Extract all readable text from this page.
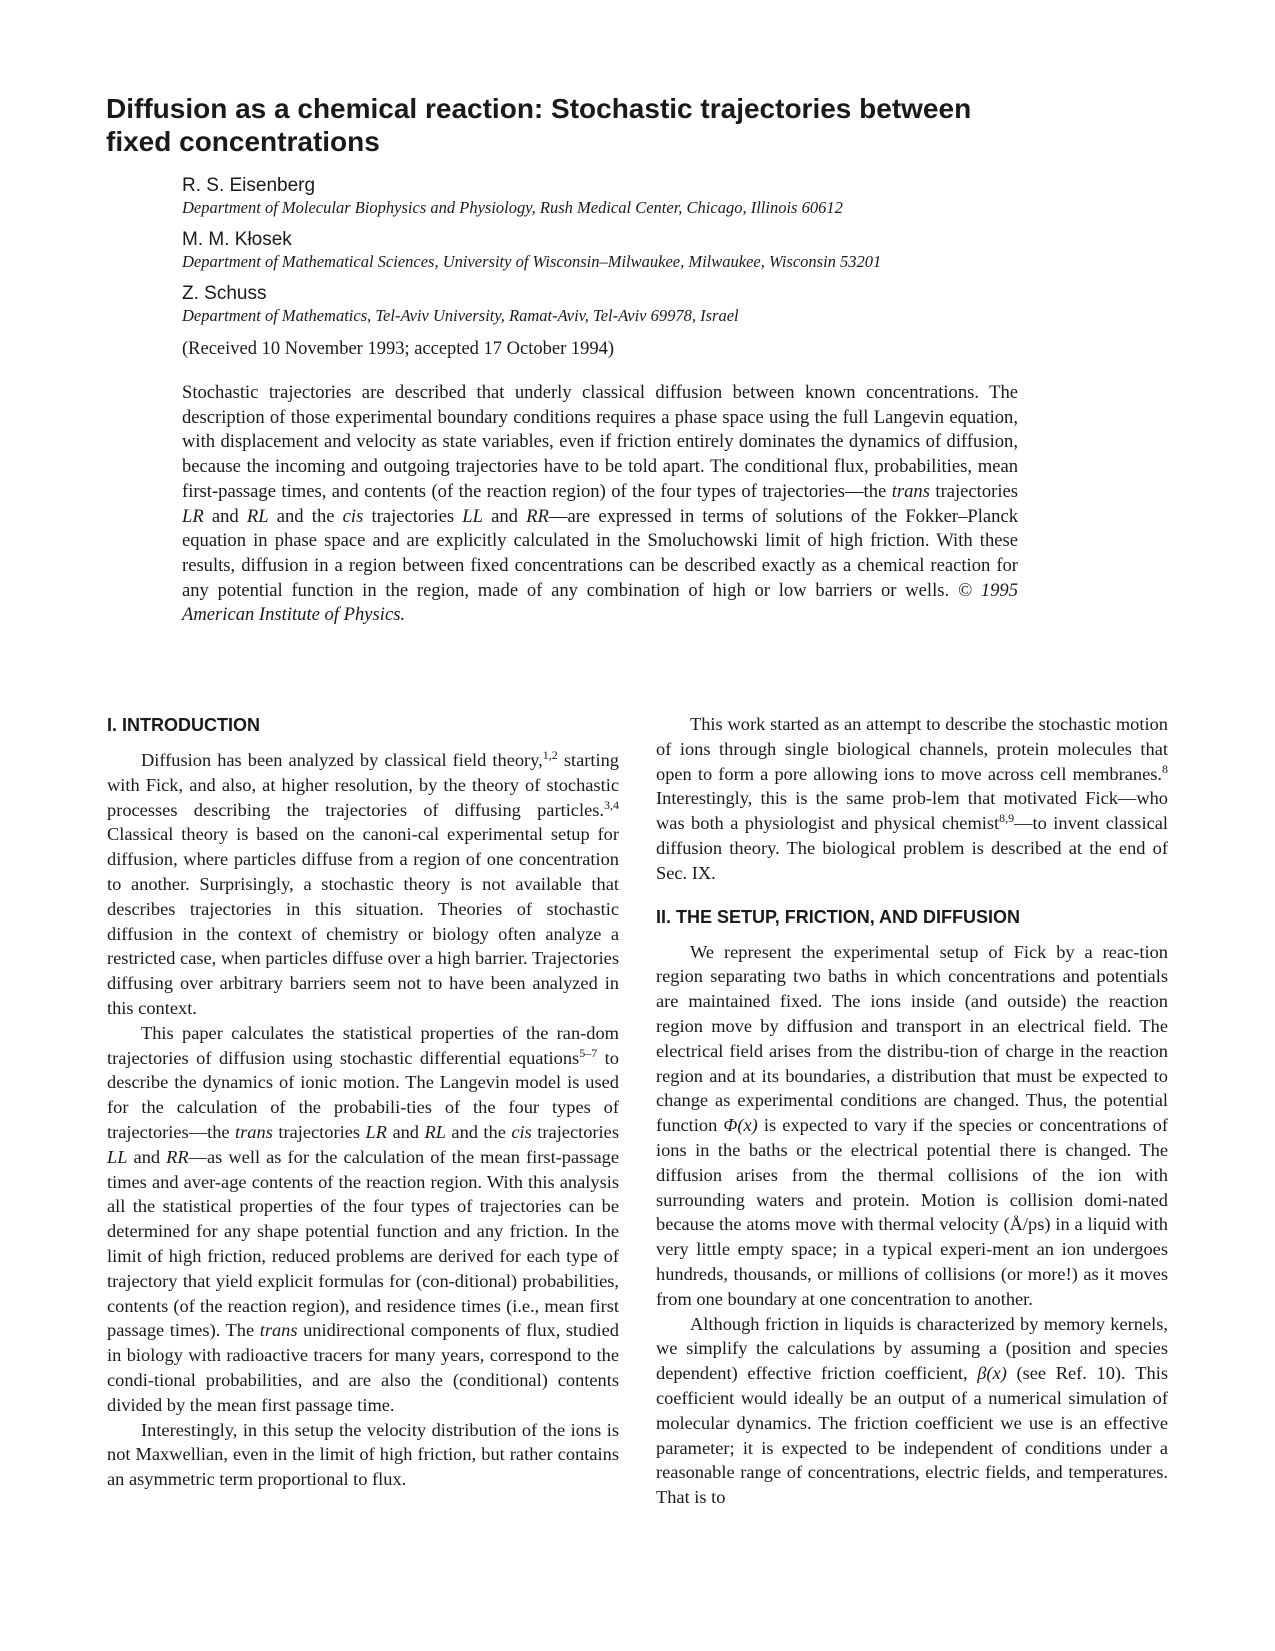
Diffusion as a chemical reaction: Stochastic trajectories between fixed concentrations

R. S. Eisenberg

Department of Molecular Biophysics and Physiology, Rush Medical Center, Chicago, Illinois 60612

M. M. Kłosek

Department of Mathematical Sciences, University of Wisconsin–Milwaukee, Milwaukee, Wisconsin 53201

Z. Schuss

Department of Mathematics, Tel-Aviv University, Ramat-Aviv, Tel-Aviv 69978, Israel

(Received 10 November 1993; accepted 17 October 1994)

Stochastic trajectories are described that underly classical diffusion between known concentrations. The description of those experimental boundary conditions requires a phase space using the full Langevin equation, with displacement and velocity as state variables, even if friction entirely dominates the dynamics of diffusion, because the incoming and outgoing trajectories have to be told apart. The conditional flux, probabilities, mean first-passage times, and contents (of the reaction region) of the four types of trajectories—the trans trajectories LR and RL and the cis trajectories LL and RR—are expressed in terms of solutions of the Fokker–Planck equation in phase space and are explicitly calculated in the Smoluchowski limit of high friction. With these results, diffusion in a region between fixed concentrations can be described exactly as a chemical reaction for any potential function in the region, made of any combination of high or low barriers or wells. © 1995 American Institute of Physics.

I. INTRODUCTION

Diffusion has been analyzed by classical field theory,$^{1,2}$ starting with Fick, and also, at higher resolution, by the theory of stochastic processes describing the trajectories of diffusing particles.$^{3,4}$ Classical theory is based on the canoni-cal experimental setup for diffusion, where particles diffuse from a region of one concentration to another. Surprisingly, a stochastic theory is not available that describes trajectories in this situation. Theories of stochastic diffusion in the context of chemistry or biology often analyze a restricted case, when particles diffuse over a high barrier. Trajectories diffusing over arbitrary barriers seem not to have been analyzed in this context.

This paper calculates the statistical properties of the ran-dom trajectories of diffusion using stochastic differential equations$^{5-7}$ to describe the dynamics of ionic motion. The Langevin model is used for the calculation of the probabili-ties of the four types of trajectories—the trans trajectories LR and RL and the cis trajectories LL and RR—as well as for the calculation of the mean first-passage times and aver-age contents of the reaction region. With this analysis all the statistical properties of the four types of trajectories can be determined for any shape potential function and any friction. In the limit of high friction, reduced problems are derived for each type of trajectory that yield explicit formulas for (con-ditional) probabilities, contents (of the reaction region), and residence times (i.e., mean first passage times). The trans unidirectional components of flux, studied in biology with radioactive tracers for many years, correspond to the condi-tional probabilities, and are also the (conditional) contents divided by the mean first passage time.

Interestingly, in this setup the velocity distribution of the ions is not Maxwellian, even in the limit of high friction, but rather contains an asymmetric term proportional to flux.

This work started as an attempt to describe the stochastic motion of ions through single biological channels, protein molecules that open to form a pore allowing ions to move across cell membranes.$^8$ Interestingly, this is the same prob-lem that motivated Fick—who was both a physiologist and physical chemist$^{8,9}$—to invent classical diffusion theory. The biological problem is described at the end of Sec. IX.

II. THE SETUP, FRICTION, AND DIFFUSION

We represent the experimental setup of Fick by a reac-tion region separating two baths in which concentrations and potentials are maintained fixed. The ions inside (and outside) the reaction region move by diffusion and transport in an electrical field. The electrical field arises from the distribu-tion of charge in the reaction region and at its boundaries, a distribution that must be expected to change as experimental conditions are changed. Thus, the potential function Φ(x) is expected to vary if the species or concentrations of ions in the baths or the electrical potential there is changed. The diffusion arises from the thermal collisions of the ion with surrounding waters and protein. Motion is collision domi-nated because the atoms move with thermal velocity (Å/ps) in a liquid with very little empty space; in a typical experi-ment an ion undergoes hundreds, thousands, or millions of collisions (or more!) as it moves from one boundary at one concentration to another.

Although friction in liquids is characterized by memory kernels, we simplify the calculations by assuming a (position and species dependent) effective friction coefficient, β(x) (see Ref. 10). This coefficient would ideally be an output of a numerical simulation of molecular dynamics. The friction coefficient we use is an effective parameter; it is expected to be independent of conditions under a reasonable range of concentrations, electric fields, and temperatures. That is to
